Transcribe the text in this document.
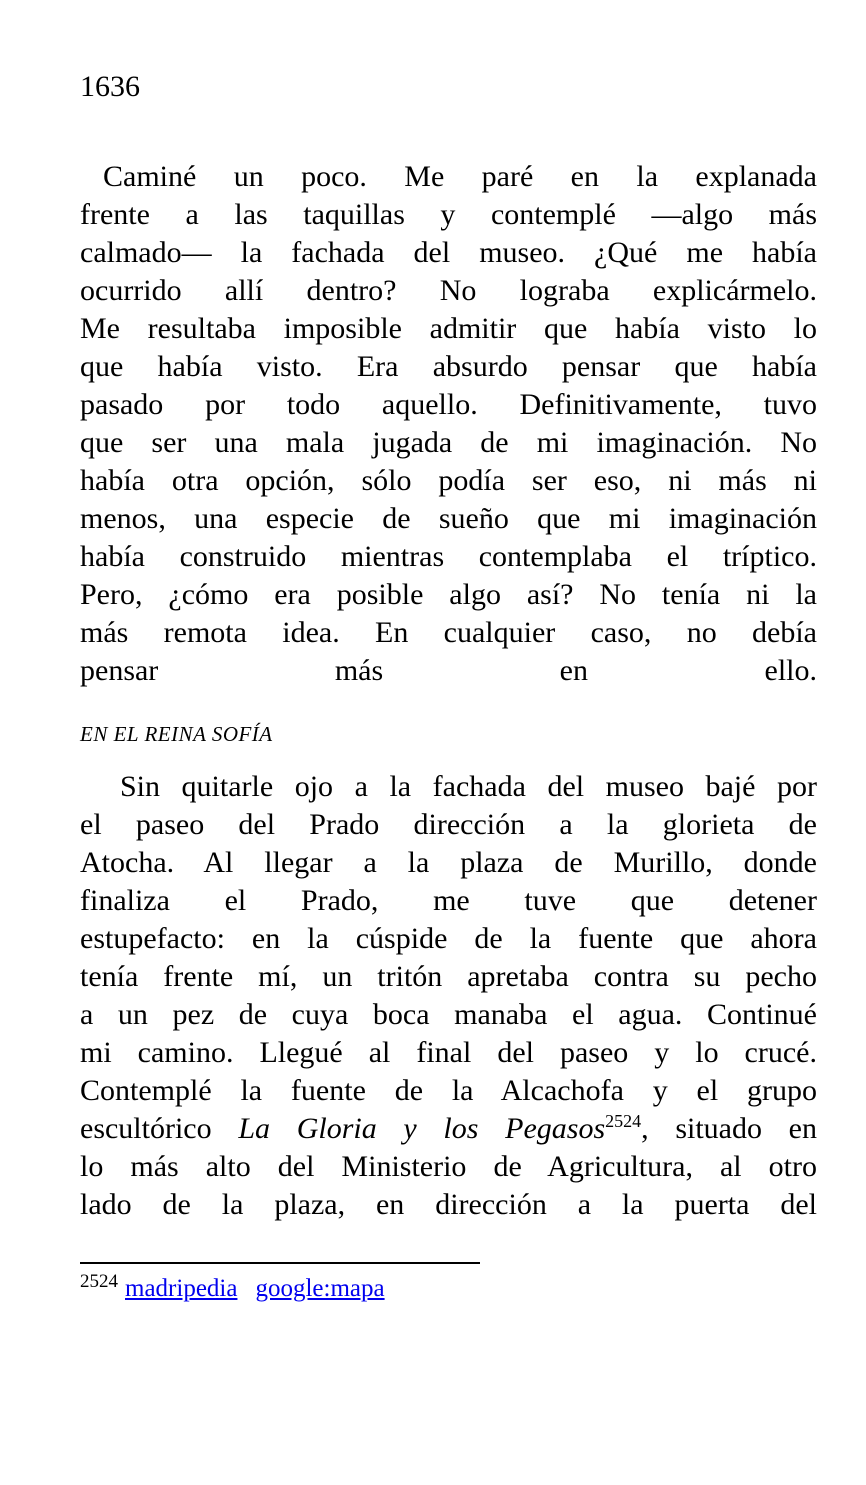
1636
Caminé un poco. Me paré en la explanada
frente a las taquillas y contemplé —algo más
calmado— la fachada del museo. ¿Qué me había
ocurrido allí dentro? No lograba explicármelo.
Me resultaba imposible admitir que había visto lo
que había visto. Era absurdo pensar que había
pasado por todo aquello. Definitivamente, tuvo
que ser una mala jugada de mi imaginación. No
había otra opción, sólo podía ser eso, ni más ni
menos, una especie de sueño que mi imaginación
había construido mientras contemplaba el tríptico.
Pero, ¿cómo era posible algo así? No tenía ni la
más remota idea. En cualquier caso, no debía
pensar más en ello.
EN EL REINA SOFÍA
Sin quitarle ojo a la fachada del museo bajé por
el paseo del Prado dirección a la glorieta de
Atocha. Al llegar a la plaza de Murillo, donde
finaliza el Prado, me tuve que detener
estupefacto: en la cúspide de la fuente que ahora
tenía frente mí, un tritón apretaba contra su pecho
a un pez de cuya boca manaba el agua. Continué
mi camino. Llegué al final del paseo y lo crucé.
Contemplé la fuente de la Alcachofa y el grupo
escultórico La Gloria y los Pegasos$^{2524}$, situado en
lo más alto del Ministerio de Agricultura, al otro
lado de la plaza, en dirección a la puerta del
$^{2524}$ madripedia google:mapa
